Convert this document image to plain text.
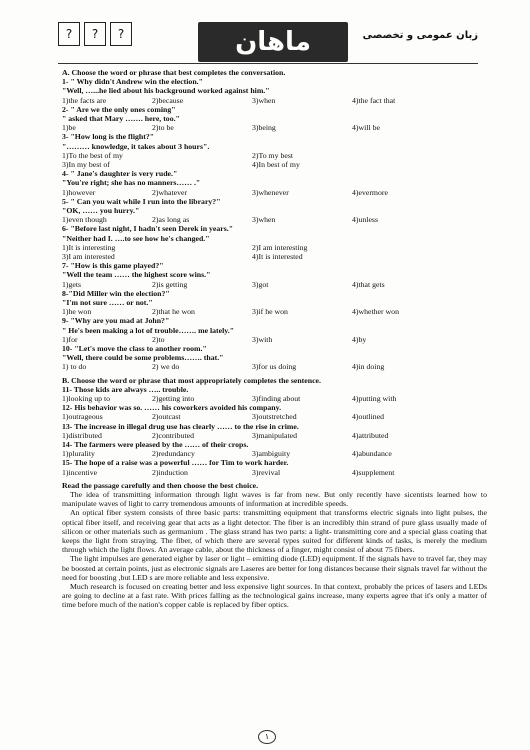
?	?	?	ماهان	زبان عمومی و تخصصی

A. Choose the word or phrase that best completes the conversation.

1- " Why didn't Andrew win the election."

"Well, …...he lied about his background worked against him."

1)the facts are	2)because	3)when	4)the fact that

2- " Are we the only ones coming"

" asked that Mary ……. here, too."

1)be	2)to be	3)being	4)will be

3- "How long is the flight?"

"……… knowledge, it takes about 3 hours".

1)To the best of my	2)To my best
3)In my best of	4)In best of my

4- " Jane's daughter is very rude."

"You're right; she has no manners…… ."

1)however	2)whatever	3)whenever	4)evermore

5- " Can you wait while I run into the library?"

"OK, …… you hurry."

1)even though	2)as long as	3)when	4)unless

6- "Before last night, I hadn't seen Derek in years."

"Neither had I. ….to see how he's changed."

1)It is interesting	2)I am interesting
3)I am interested	4)It is interested

7- "How is this game played?"

"Well the team …… the highest score wins."

1)gets	2)is getting	3)got	4)that gets

8-"Did Miller win the election?"

"I'm not sure …… or not."

1)he won	2)that he won	3)if he won	4)whether won

9- "Why are you mad at John?"

" He's been making a lot of trouble……. me lately."

1)for	2)to	3)with	4)by

10- "Let's move the class to another room."

"Well, there could be some problems……. that."

1) to do	2) we do	3)for us doing	4)in doing

B. Choose the word or phrase that most appropriately completes the sentence.

11- Those kids are always ….. trouble.

1)looking up to	2)getting into	3)finding about	4)putting with

12- His behavior was so. …… his coworkers avoided his company.

1)outrageous	2)outcast	3)outstretched	4)outlined

13- The increase in illegal drug use has clearly …… to the rise in crime.

1)distributed	2)contributed	3)manipulated	4)attributed

14- The farmers were pleased by the …… of their crops.

1)plurality	2)redundancy	3)ambiguity	4)abundance

15- The hope of a raise was a powerful …… for Tim to work harder.

1)incentive	2)induction	3)revival	4)supplement

Read the passage carefully and then choose the best choice.

The idea of transmitting information through light waves is far from new. But only recently have sicentists learned how to manipulate waves of light to carry tremendous amounts of information at incredible speeds.

An optical fiber system consists of three basic parts: transmitting equipment that transforms electric signals into light pulses, the optical fiber itself, and receiving gear that acts as a light detector. The fiber is an incredibly thin strand of pure glass usually made of silicon or other materials such as germanium . The glass strand has two parts: a light- transmitting core and a special glass coating that keeps the light from straying. The fiber, of which there are several types suited for different kinds of tasks, is merely the medium through which the light flows. An average cable, about the thickness of a finger, might consist of about 75 fibers.

The light impulses are generated eigher by laser or light – emitting diode (LED) equipment. If the signals have to travel far, they may be boosted at certain points, just as electronic signals are Laseres are better for long distances because their signals travel far without the need for boosting ,but LED s are more reliable and less expensive.

Much research is focused on creating better and less expensive light sources. In that context, probably the prices of lasers and LEDs are going to decline at a fast rate. With prices falling as the technological gains increase, many experts agree that it's only a matter of time before much of the nation's copper cable is replaced by fiber optics.

١
